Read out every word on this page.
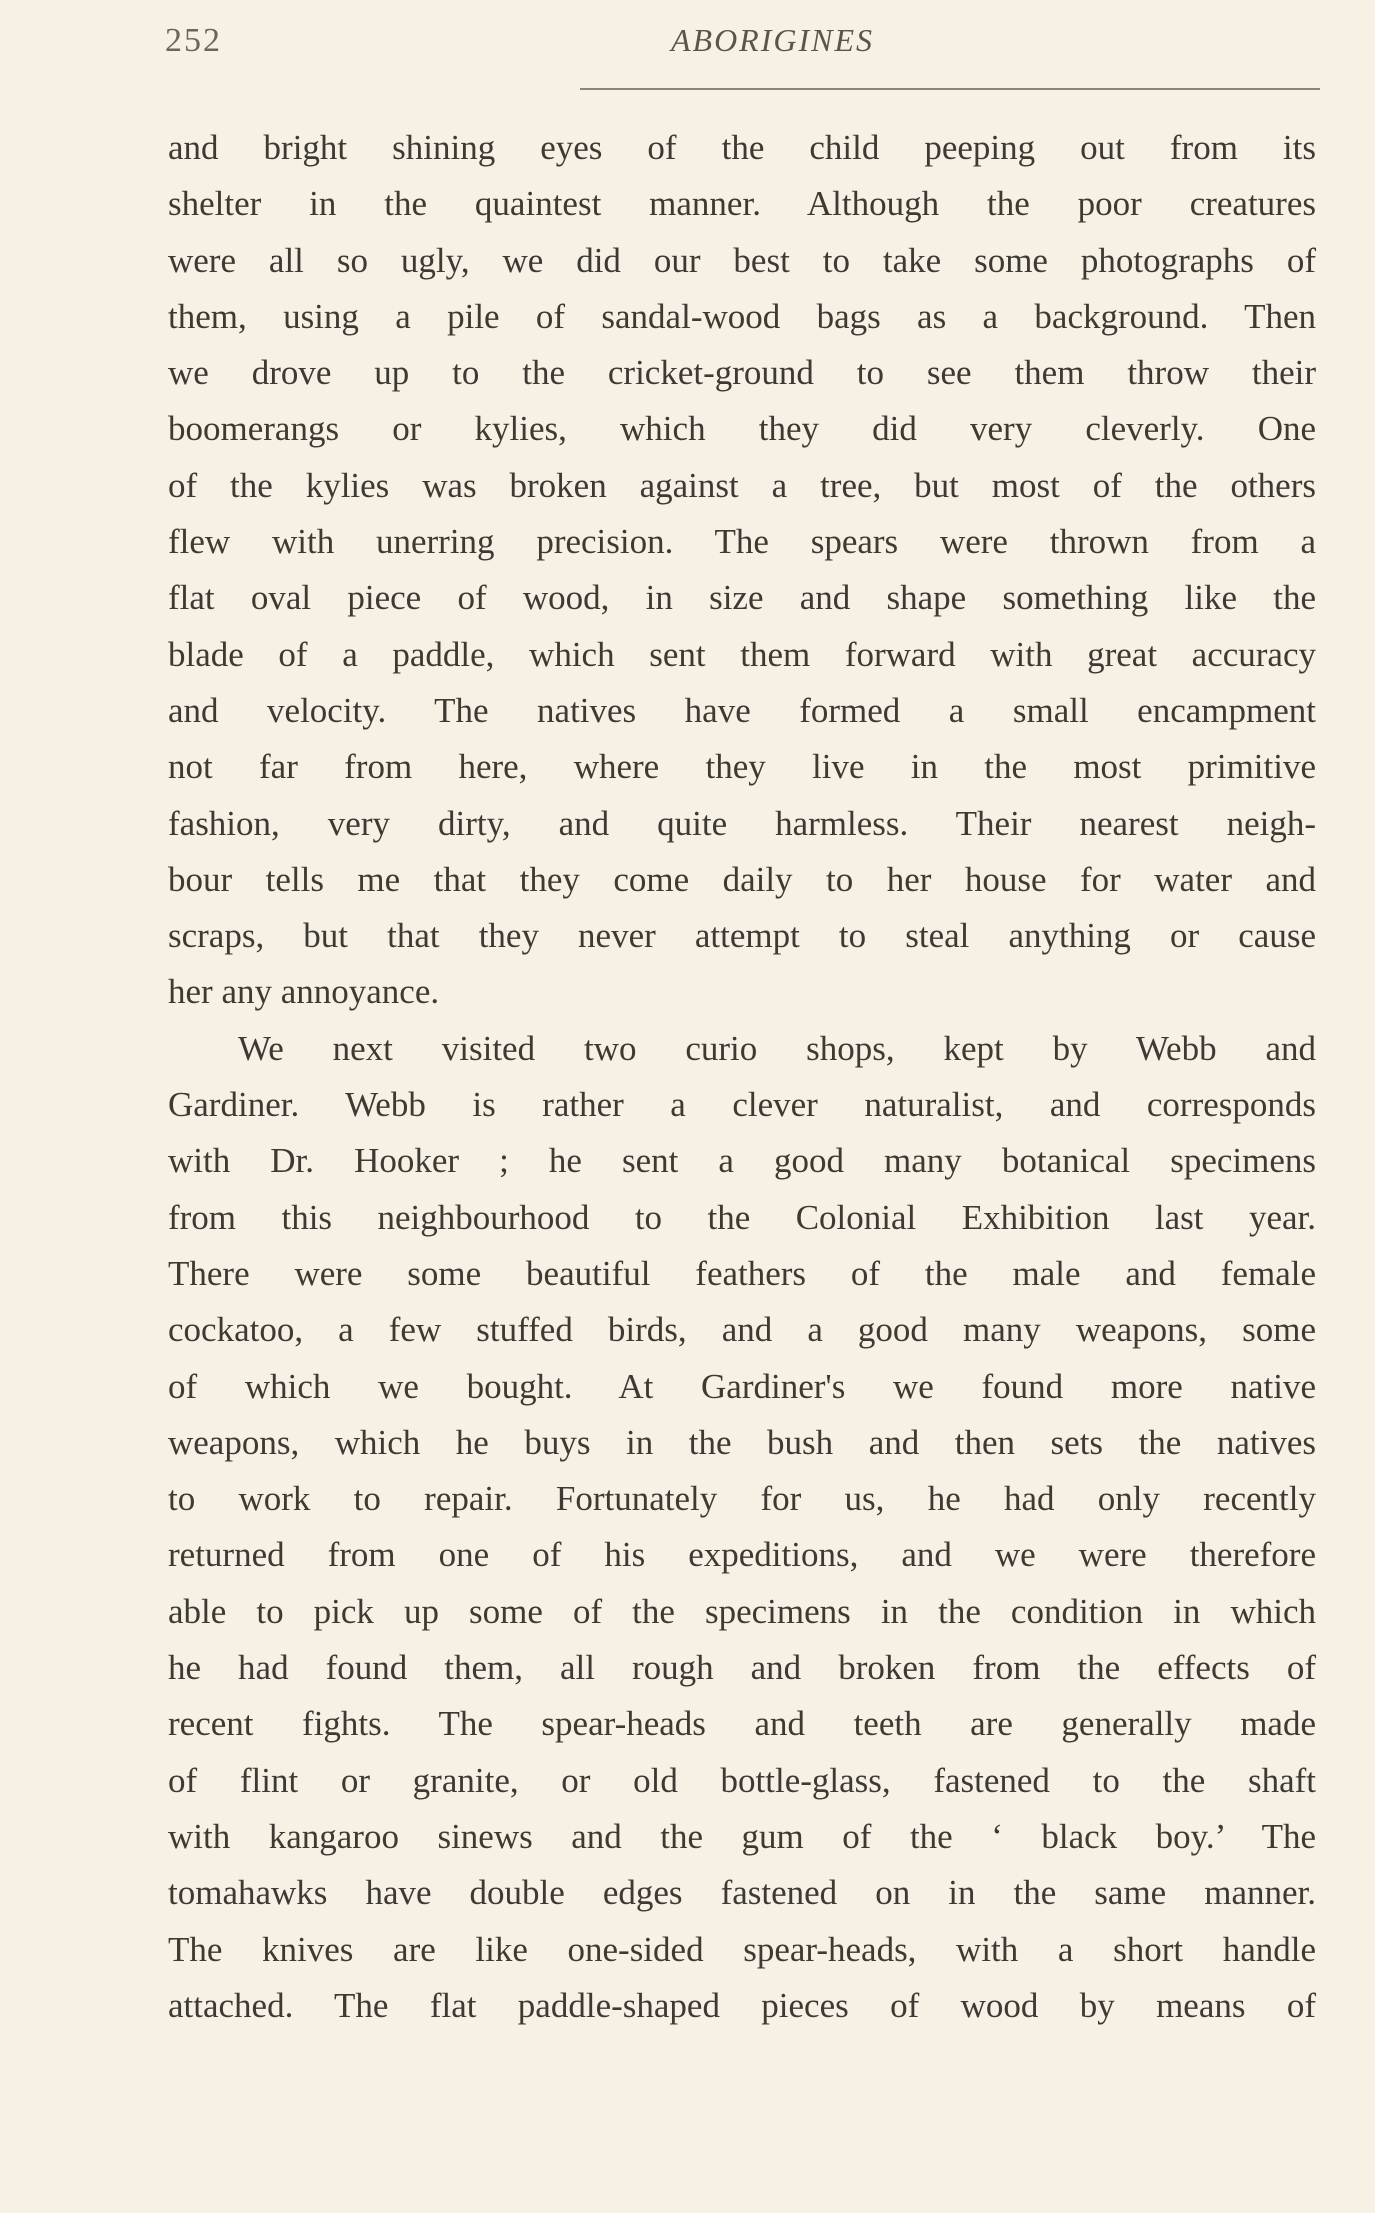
252	ABORIGINES
and bright shining eyes of the child peeping out from its
shelter in the quaintest manner. Although the poor creatures
were all so ugly, we did our best to take some photographs of
them, using a pile of sandal-wood bags as a background. Then
we drove up to the cricket-ground to see them throw their
boomerangs or kylies, which they did very cleverly. One
of the kylies was broken against a tree, but most of the others
flew with unerring precision. The spears were thrown from a
flat oval piece of wood, in size and shape something like the
blade of a paddle, which sent them forward with great accuracy
and velocity. The natives have formed a small encampment
not far from here, where they live in the most primitive
fashion, very dirty, and quite harmless. Their nearest neigh-
bour tells me that they come daily to her house for water and
scraps, but that they never attempt to steal anything or cause
her any annoyance.
We next visited two curio shops, kept by Webb and
Gardiner. Webb is rather a clever naturalist, and corresponds
with Dr. Hooker ; he sent a good many botanical specimens
from this neighbourhood to the Colonial Exhibition last year.
There were some beautiful feathers of the male and female
cockatoo, a few stuffed birds, and a good many weapons, some
of which we bought. At Gardiner's we found more native
weapons, which he buys in the bush and then sets the natives
to work to repair. Fortunately for us, he had only recently
returned from one of his expeditions, and we were therefore
able to pick up some of the specimens in the condition in which
he had found them, all rough and broken from the effects of
recent fights. The spear-heads and teeth are generally made
of flint or granite, or old bottle-glass, fastened to the shaft
with kangaroo sinews and the gum of the ‘ black boy.’ The
tomahawks have double edges fastened on in the same manner.
The knives are like one-sided spear-heads, with a short handle
attached. The flat paddle-shaped pieces of wood by means of
